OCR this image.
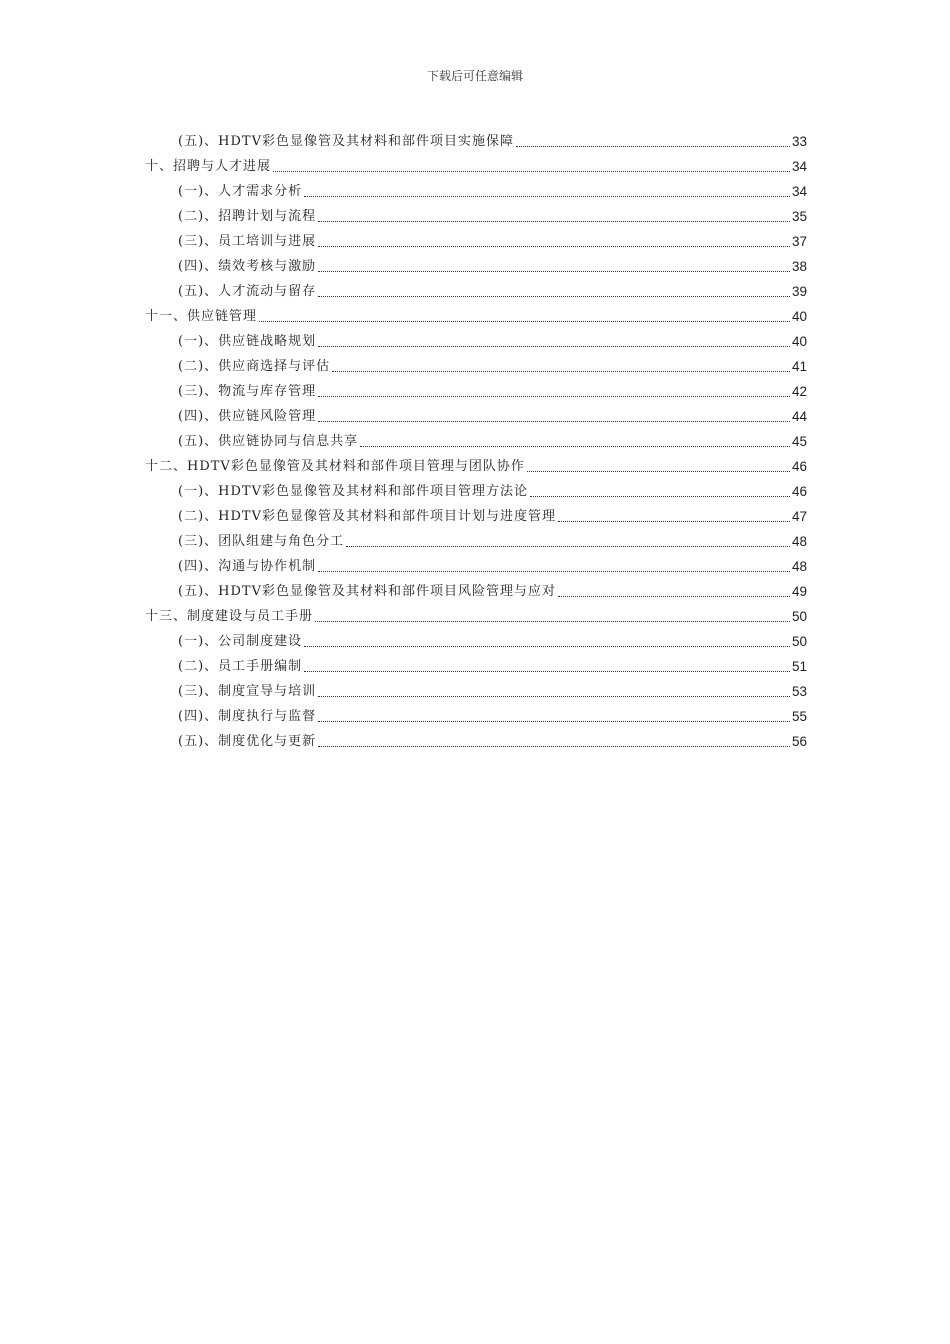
下载后可任意编辑
(五)、HDTV彩色显像管及其材料和部件项目实施保障	33
十、招聘与人才进展	34
(一)、人才需求分析	34
(二)、招聘计划与流程	35
(三)、员工培训与进展	37
(四)、绩效考核与激励	38
(五)、人才流动与留存	39
十一、供应链管理	40
(一)、供应链战略规划	40
(二)、供应商选择与评估	41
(三)、物流与库存管理	42
(四)、供应链风险管理	44
(五)、供应链协同与信息共享	45
十二、HDTV彩色显像管及其材料和部件项目管理与团队协作	46
(一)、HDTV彩色显像管及其材料和部件项目管理方法论	46
(二)、HDTV彩色显像管及其材料和部件项目计划与进度管理	47
(三)、团队组建与角色分工	48
(四)、沟通与协作机制	48
(五)、HDTV彩色显像管及其材料和部件项目风险管理与应对	49
十三、制度建设与员工手册	50
(一)、公司制度建设	50
(二)、员工手册编制	51
(三)、制度宣导与培训	53
(四)、制度执行与监督	55
(五)、制度优化与更新	56
